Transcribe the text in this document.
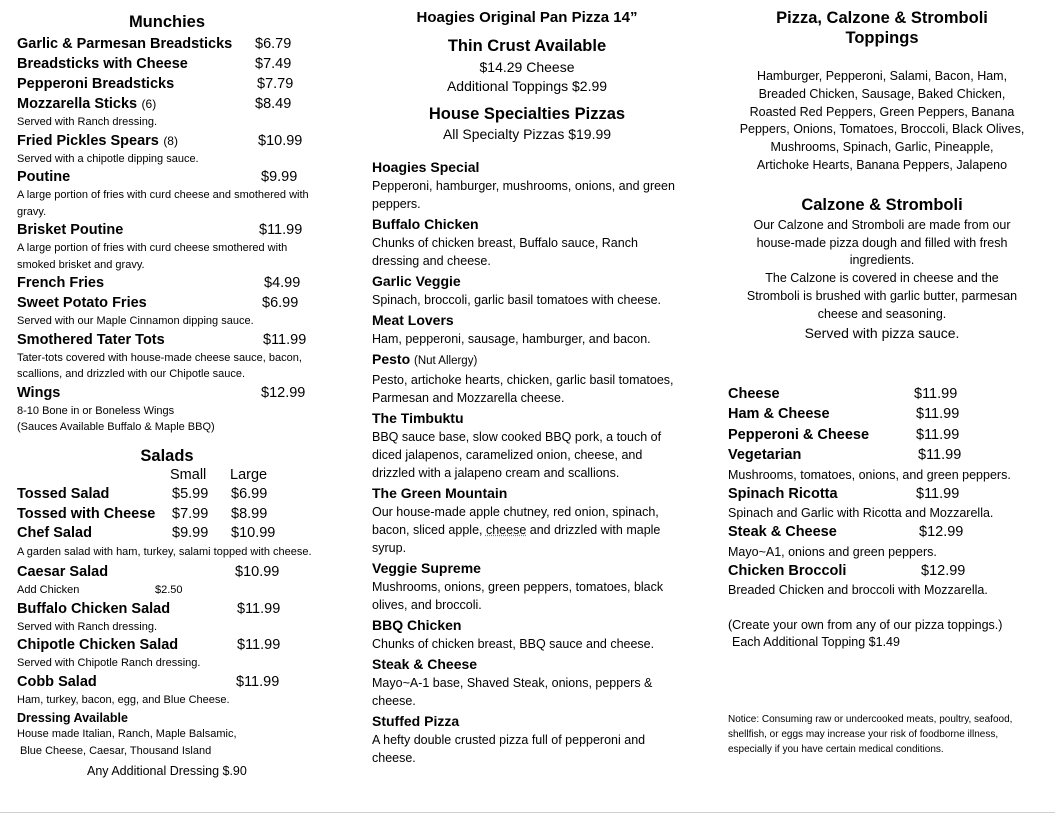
Munchies
Garlic & Parmesan Breadsticks $6.79
Breadsticks with Cheese	$7.49
Pepperoni Breadsticks	$7.79
Mozzarella Sticks (6)	$8.49
Served with Ranch dressing.
Fried Pickles Spears (8)	$10.99
Served with a chipotle dipping sauce.
Poutine	$9.99
A large portion of fries with curd cheese and smothered with gravy.
Brisket Poutine	$11.99
A large portion of fries with curd cheese smothered with smoked brisket and gravy.
French Fries	$4.99
Sweet Potato Fries	$6.99
Served with our Maple Cinnamon dipping sauce.
Smothered Tater Tots	$11.99
Tater-tots covered with house-made cheese sauce, bacon, scallions, and drizzled with our Chipotle sauce.
Wings	$12.99
8-10 Bone in or Boneless Wings
(Sauces Available Buffalo & Maple BBQ)
Salads
Small Large
Tossed Salad	$5.99 $6.99
Tossed with Cheese $7.99 $8.99
Chef Salad	$9.99 $10.99
A garden salad with ham, turkey, salami topped with cheese.
Caesar Salad	$10.99
Add Chicken	$2.50
Buffalo Chicken Salad	$11.99
Served with Ranch dressing.
Chipotle Chicken Salad	$11.99
Served with Chipotle Ranch dressing.
Cobb Salad	$11.99
Ham, turkey, bacon, egg, and Blue Cheese.
Dressing Available
House made Italian, Ranch, Maple Balsamic,
Blue Cheese, Caesar, Thousand Island
Any Additional Dressing $.90
Hoagies Original Pan Pizza 14”
Thin Crust Available
$14.29 Cheese
Additional Toppings $2.99
House Specialties Pizzas
All Specialty Pizzas $19.99
Hoagies Special
Pepperoni, hamburger, mushrooms, onions, and green peppers.
Buffalo Chicken
Chunks of chicken breast, Buffalo sauce, Ranch dressing and cheese.
Garlic Veggie
Spinach, broccoli, garlic basil tomatoes with cheese.
Meat Lovers
Ham, pepperoni, sausage, hamburger, and bacon.
Pesto (Nut Allergy)
Pesto, artichoke hearts, chicken, garlic basil tomatoes, Parmesan and Mozzarella cheese.
The Timbuktu
BBQ sauce base, slow cooked BBQ pork, a touch of diced jalapenos, caramelized onion, cheese, and drizzled with a jalapeno cream and scallions.
The Green Mountain
Our house-made apple chutney, red onion, spinach, bacon, sliced apple, cheese and drizzled with maple syrup.
Veggie Supreme
Mushrooms, onions, green peppers, tomatoes, black olives, and broccoli.
BBQ Chicken
Chunks of chicken breast, BBQ sauce and cheese.
Steak & Cheese
Mayo~A-1 base, Shaved Steak, onions, peppers & cheese.
Stuffed Pizza
A hefty double crusted pizza full of pepperoni and cheese.
Pizza, Calzone & Stromboli
Toppings
Hamburger, Pepperoni, Salami, Bacon, Ham,
Breaded Chicken, Sausage, Baked Chicken,
Roasted Red Peppers, Green Peppers, Banana
Peppers, Onions, Tomatoes, Broccoli, Black Olives,
Mushrooms, Spinach, Garlic, Pineapple,
Artichoke Hearts, Banana Peppers, Jalapeno
Calzone & Stromboli
Our Calzone and Stromboli are made from our
house-made pizza dough and filled with fresh
ingredients.
The Calzone is covered in cheese and the
Stromboli is brushed with garlic butter, parmesan
cheese and seasoning.
Served with pizza sauce.
Cheese	$11.99
Ham & Cheese	$11.99
Pepperoni & Cheese	$11.99
Vegetarian	$11.99
Mushrooms, tomatoes, onions, and green peppers.
Spinach Ricotta	$11.99
Spinach and Garlic with Ricotta and Mozzarella.
Steak & Cheese	$12.99
Mayo~A1, onions and green peppers.
Chicken Broccoli	$12.99
Breaded Chicken and broccoli with Mozzarella.
(Create your own from any of our pizza toppings.)
Each Additional Topping $1.49
Notice: Consuming raw or undercooked meats, poultry, seafood,
shellfish, or eggs may increase your risk of foodborne illness,
especially if you have certain medical conditions.
